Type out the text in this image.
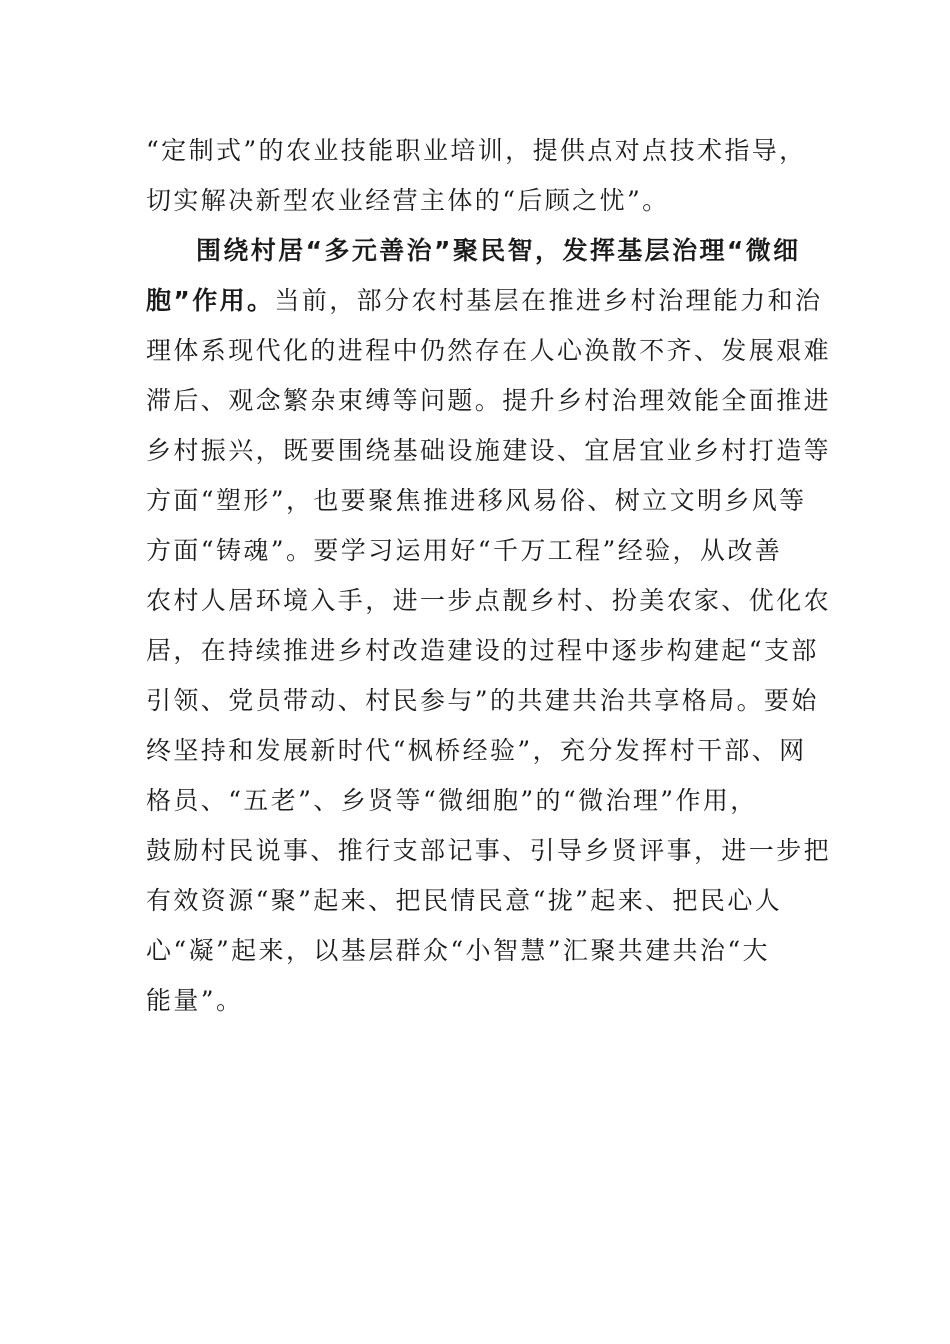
“定制式”的农业技能职业培训，提供点对点技术指导，
切实解决新型农业经营主体的“后顾之忧”。
围绕村居“多元善治”聚民智，发挥基层治理“微细
胞”作用。当前，部分农村基层在推进乡村治理能力和治
理体系现代化的进程中仍然存在人心涣散不齐、发展艰难
滞后、观念繁杂束缚等问题。提升乡村治理效能全面推进
乡村振兴，既要围绕基础设施建设、宜居宜业乡村打造等
方面“塑形”，也要聚焦推进移风易俗、树立文明乡风等
方面“铸魂”。要学习运用好“千万工程”经验，从改善
农村人居环境入手，进一步点靓乡村、扮美农家、优化农
居，在持续推进乡村改造建设的过程中逐步构建起“支部
引领、党员带动、村民参与”的共建共治共享格局。要始
终坚持和发展新时代“枫桥经验”，充分发挥村干部、网
格员、“五老”、乡贤等“微细胞”的“微治理”作用，
鼓励村民说事、推行支部记事、引导乡贤评事，进一步把
有效资源“聚”起来、把民情民意“拢”起来、把民心人
心“凝”起来，以基层群众“小智慧”汇聚共建共治“大
能量”。
